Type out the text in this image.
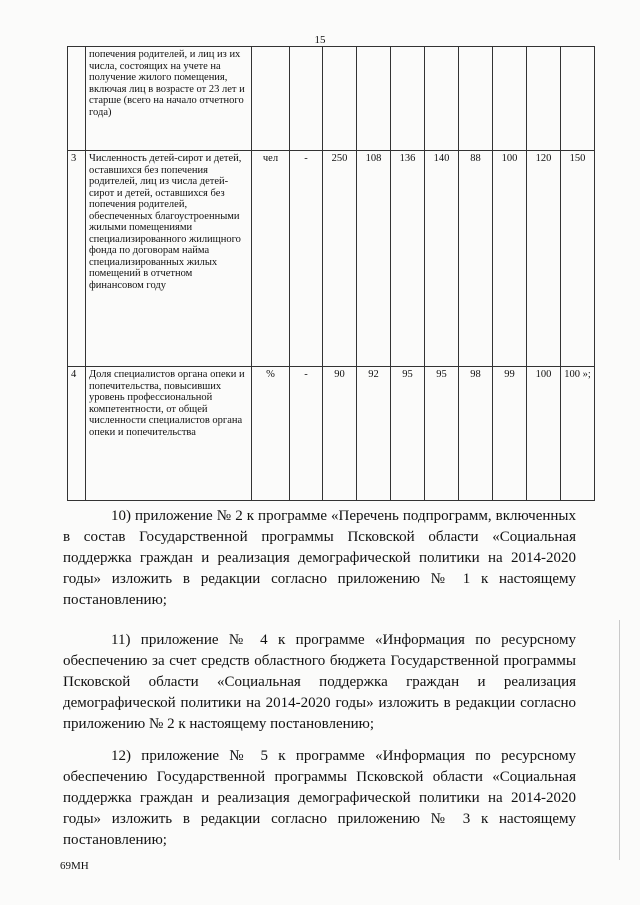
15
	попечения родителей, и лиц из их числа, состоящих на учете на получение жилого помещения, включая лиц в возрасте от 23 лет и старше (всего на начало отчетного года)										
3	Численность детей-сирот и детей, оставшихся без попечения родителей, лиц из числа детей-сирот и детей, оставшихся без попечения родителей, обеспеченных благоустроенными жилыми помещениями специализированного жилищного фонда по договорам найма специализированных жилых помещений в отчетном финансовом году	чел	-	250	108	136	140	88	100	120	150
4	Доля специалистов органа опеки и попечительства, повысивших уровень профессиональной компетентности, от общей численности специалистов органа опеки и попечительства	%	-	90	92	95	95	98	99	100	100 »;

10) приложение № 2 к программе «Перечень подпрограмм, включенных в состав Государственной программы Псковской области «Социальная поддержка граждан и реализация демографической политики на 2014-2020 годы» изложить в редакции согласно приложению № 1 к настоящему постановлению;

11) приложение № 4 к программе «Информация по ресурсному обеспечению за счет средств областного бюджета Государственной программы Псковской области «Социальная поддержка граждан и реализация демографической политики на 2014-2020 годы» изложить в редакции согласно приложению № 2 к настоящему постановлению;

12) приложение № 5 к программе «Информация по ресурсному обеспечению Государственной программы Псковской области «Социальная поддержка граждан и реализация демографической политики на 2014-2020 годы» изложить в редакции согласно приложению № 3 к настоящему постановлению;

69МН
